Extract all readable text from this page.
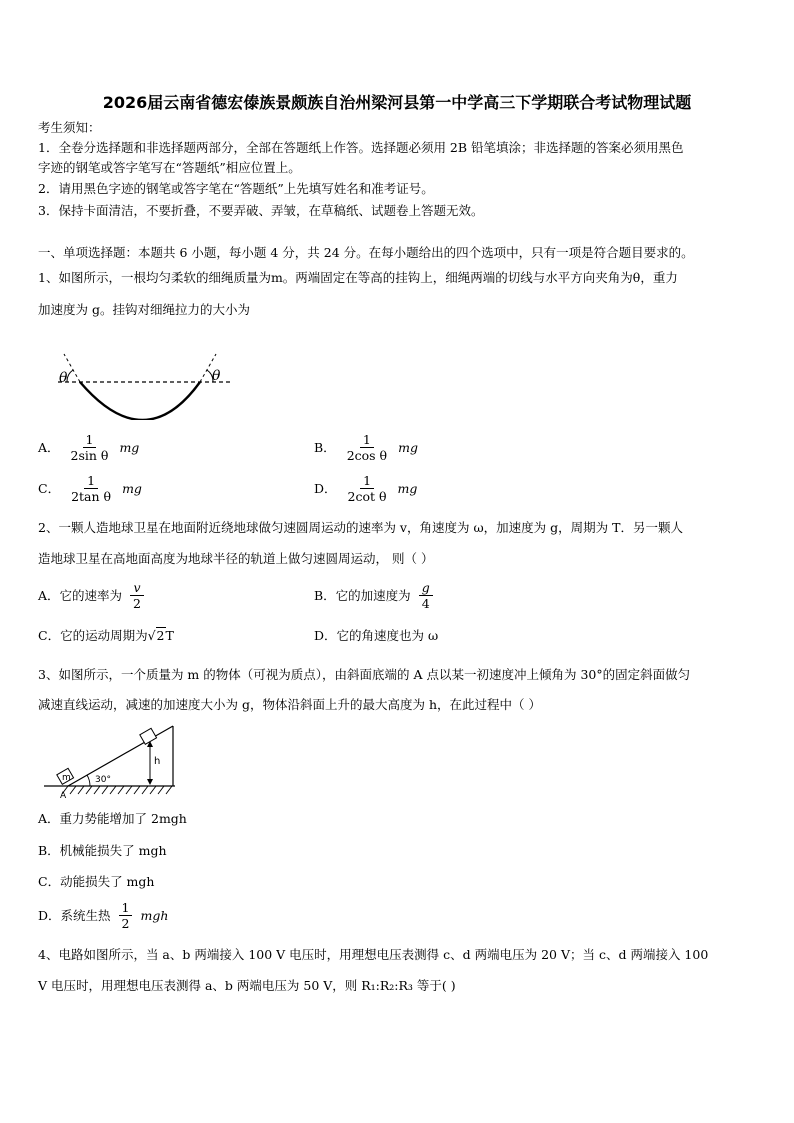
2026届云南省德宏傣族景颇族自治州梁河县第一中学高三下学期联合考试物理试题
考生须知：
1．全卷分选择题和非选择题两部分，全部在答题纸上作答。选择题必须用 2B 铅笔填涂；非选择题的答案必须用黑色
字迹的钢笔或答字笔写在“答题纸”相应位置上。
2．请用黑色字迹的钢笔或答字笔在“答题纸”上先填写姓名和准考证号。
3．保持卡面清洁，不要折叠，不要弄破、弄皱，在草稿纸、试题卷上答题无效。
一、单项选择题：本题共 6 小题，每小题 4 分，共 24 分。在每小题给出的四个选项中，只有一项是符合题目要求的。
1、如图所示，一根均匀柔软的细绳质量为m。两端固定在等高的挂钩上，细绳两端的切线与水平方向夹角为θ，重力
加速度为 g。挂钩对细绳拉力的大小为
θ	θ
A． $\frac{1}{\text{2sin θ}}$ mg	B． $\frac{1}{\text{2cos θ}}$ mg
C． $\frac{1}{\text{2tan θ}}$ mg	D． $\frac{1}{\text{2cot θ}}$ mg
2、一颗人造地球卫星在地面附近绕地球做匀速圆周运动的速率为 v，角速度为 ω，加速度为 g，周期为 T．另一颗人
造地球卫星在高地面高度为地球半径的轨道上做匀速圆周运动， 则（ ）
A．它的速率为 $\frac{v}{2}$	B．它的加速度为 $\frac{g}{4}$
C．它的运动周期为√2T	D．它的角速度也为 ω
3、如图所示，一个质量为 m 的物体（可视为质点），由斜面底端的 A 点以某一初速度冲上倾角为 30°的固定斜面做匀
减速直线运动，减速的加速度大小为 g，物体沿斜面上升的最大高度为 h，在此过程中（ ）
m	30°
h
A
A．重力势能增加了 2mgh
B．机械能损失了 mgh
C．动能损失了 mgh
D．系统生热 $\frac{1}{2}$ mgh
4、电路如图所示，当 a、b 两端接入 100 V 电压时，用理想电压表测得 c、d 两端电压为 20 V；当 c、d 两端接入 100
V 电压时，用理想电压表测得 a、b 两端电压为 50 V，则 R₁:R₂:R₃ 等于( )
